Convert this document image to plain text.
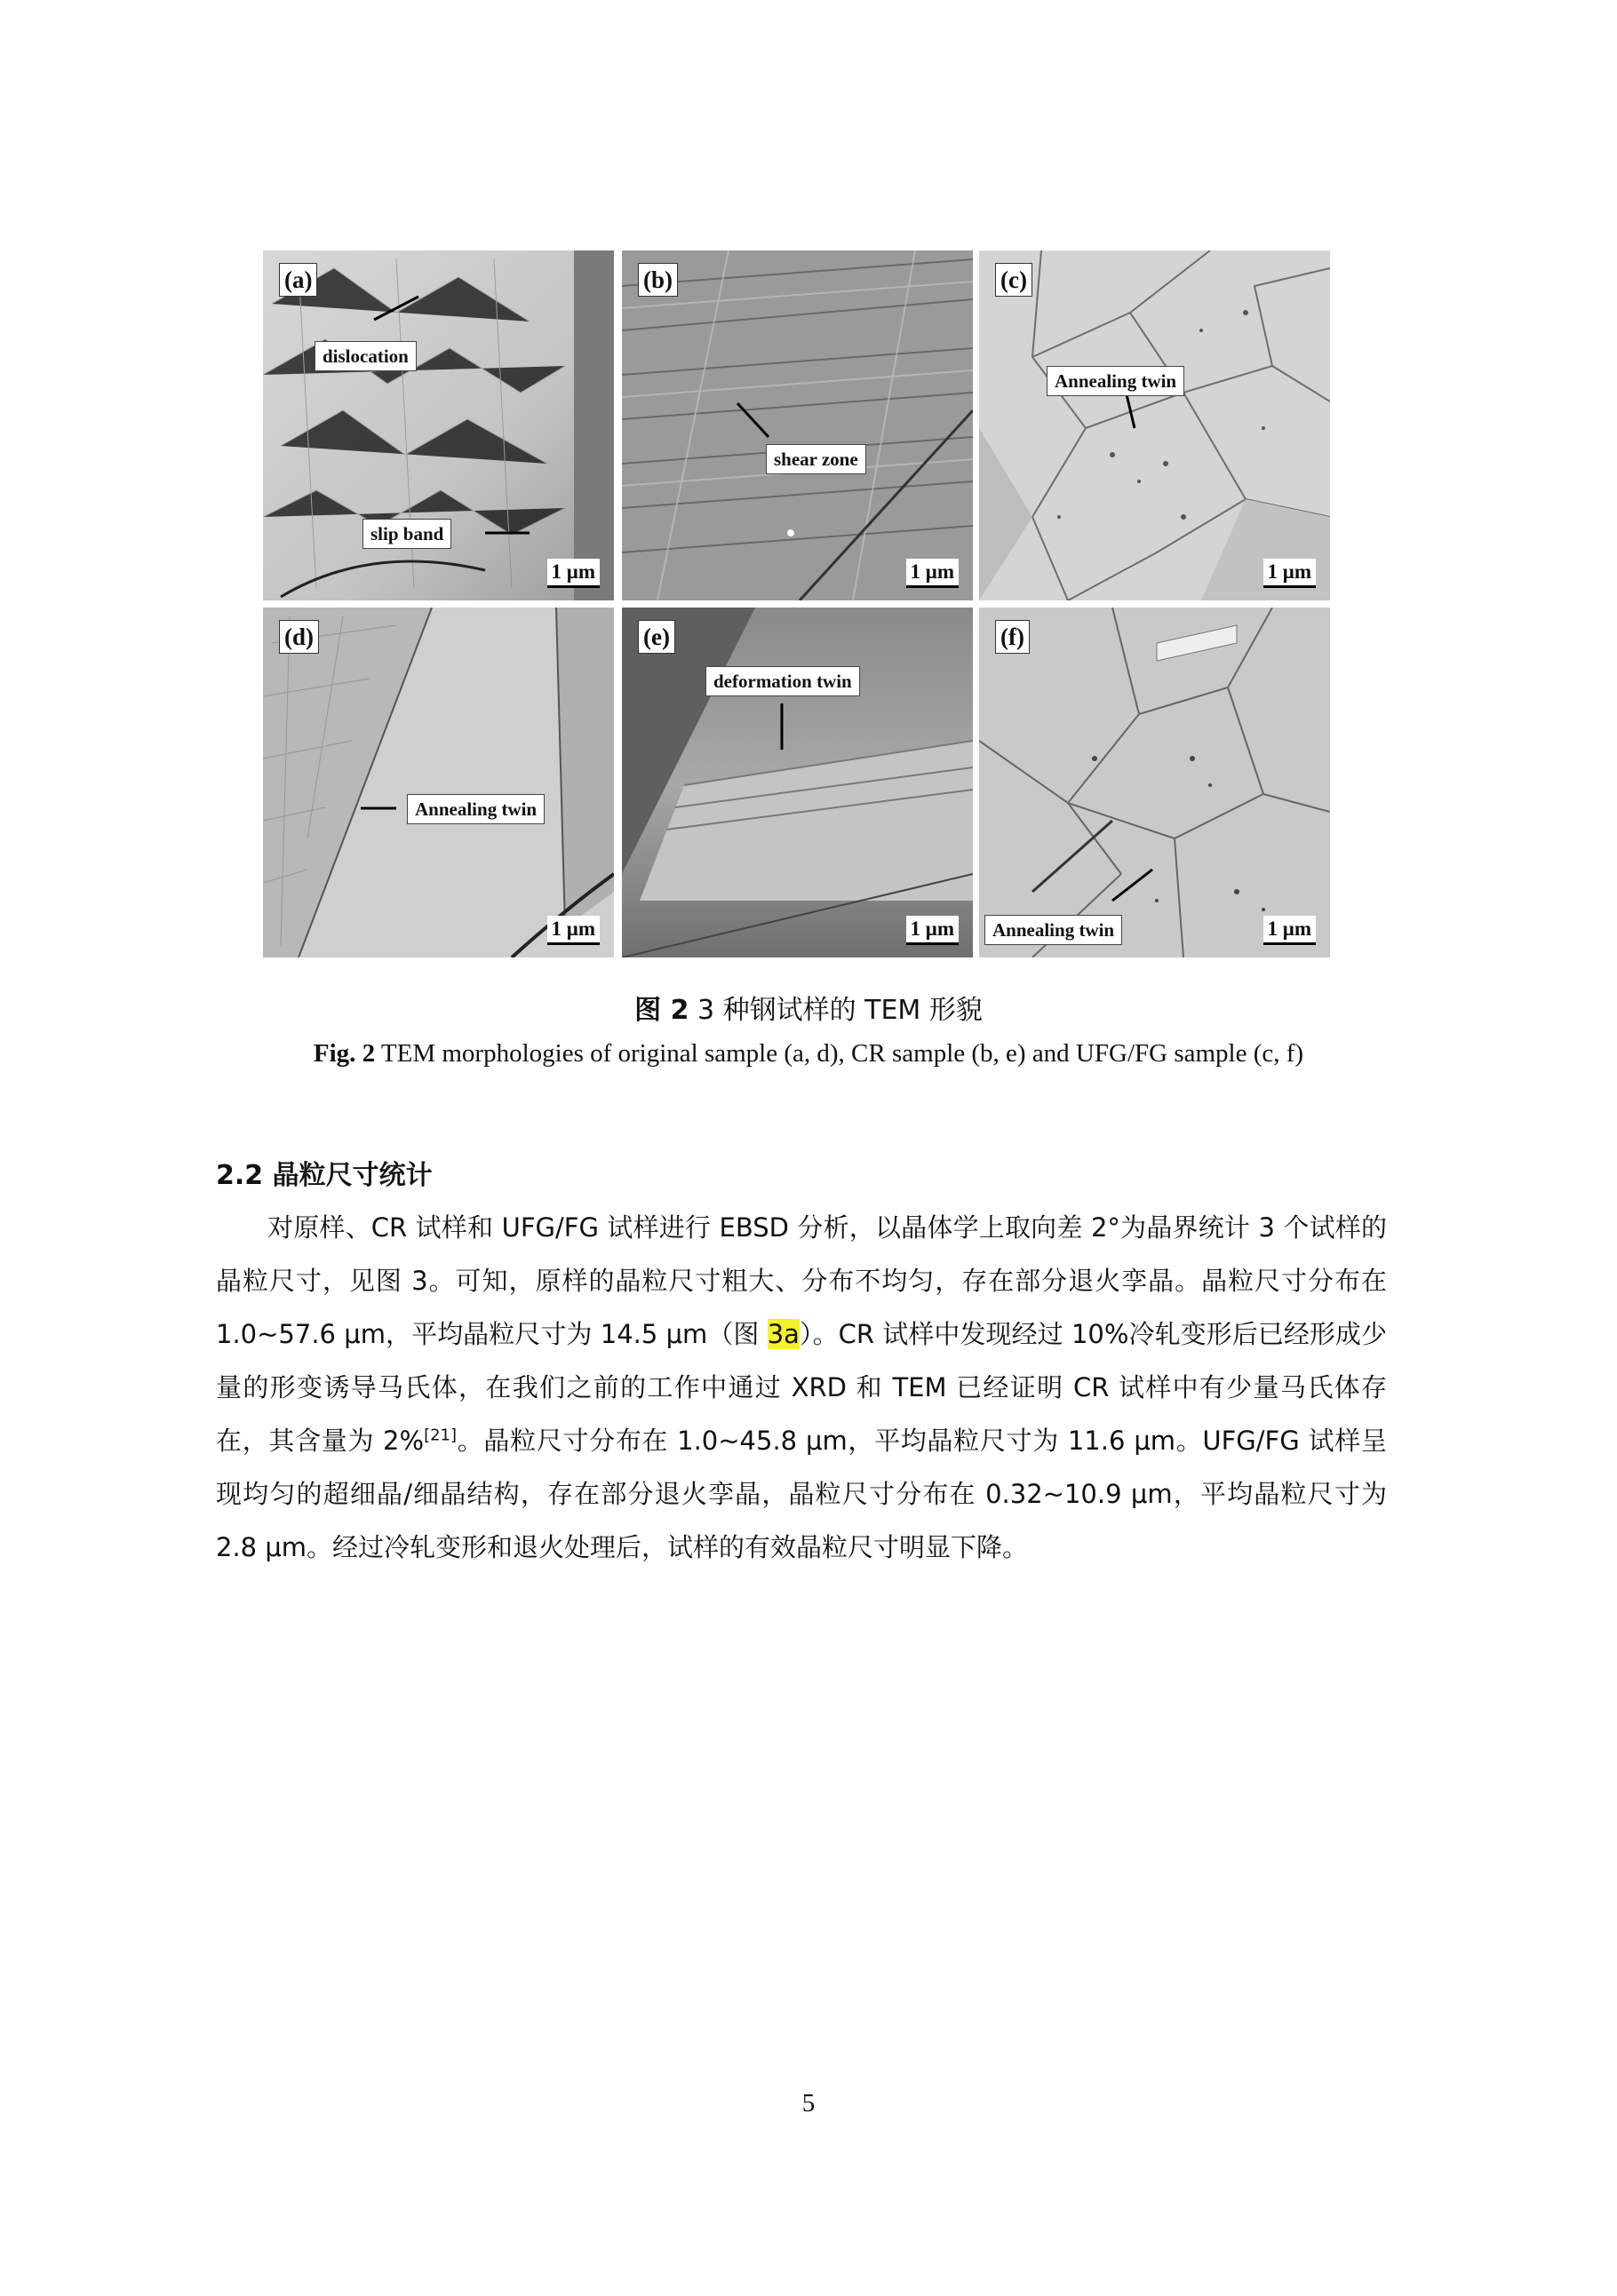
(a)
dislocation
slip band
1 μm
(b)
shear zone
1 μm
(c)
Annealing twin
1 μm
(d)
Annealing twin
1 μm
(e)
deformation twin
1 μm
(f)
Annealing twin	1 μm
图 2 3 种钢试样的 TEM 形貌
Fig. 2 TEM morphologies of original sample (a, d), CR sample (b, e) and UFG/FG sample (c, f)
2.2 晶粒尺寸统计

对原样、CR 试样和 UFG/FG 试样进行 EBSD 分析，以晶体学上取向差 2°为晶界统计 3 个试样的晶粒尺寸，见图 3。可知，原样的晶粒尺寸粗大、分布不均匀，存在部分退火孪晶。晶粒尺寸分布在 1.0~57.6 μm，平均晶粒尺寸为 14.5 μm（图 3a）。CR 试样中发现经过 10%冷轧变形后已经形成少量的形变诱导马氏体，在我们之前的工作中通过 XRD 和 TEM 已经证明 CR 试样中有少量马氏体存在，其含量为 2%[21]。晶粒尺寸分布在 1.0~45.8 μm，平均晶粒尺寸为 11.6 μm。UFG/FG 试样呈现均匀的超细晶/细晶结构，存在部分退火孪晶，晶粒尺寸分布在 0.32~10.9 μm，平均晶粒尺寸为 2.8 μm。经过冷轧变形和退火处理后，试样的有效晶粒尺寸明显下降。

5
